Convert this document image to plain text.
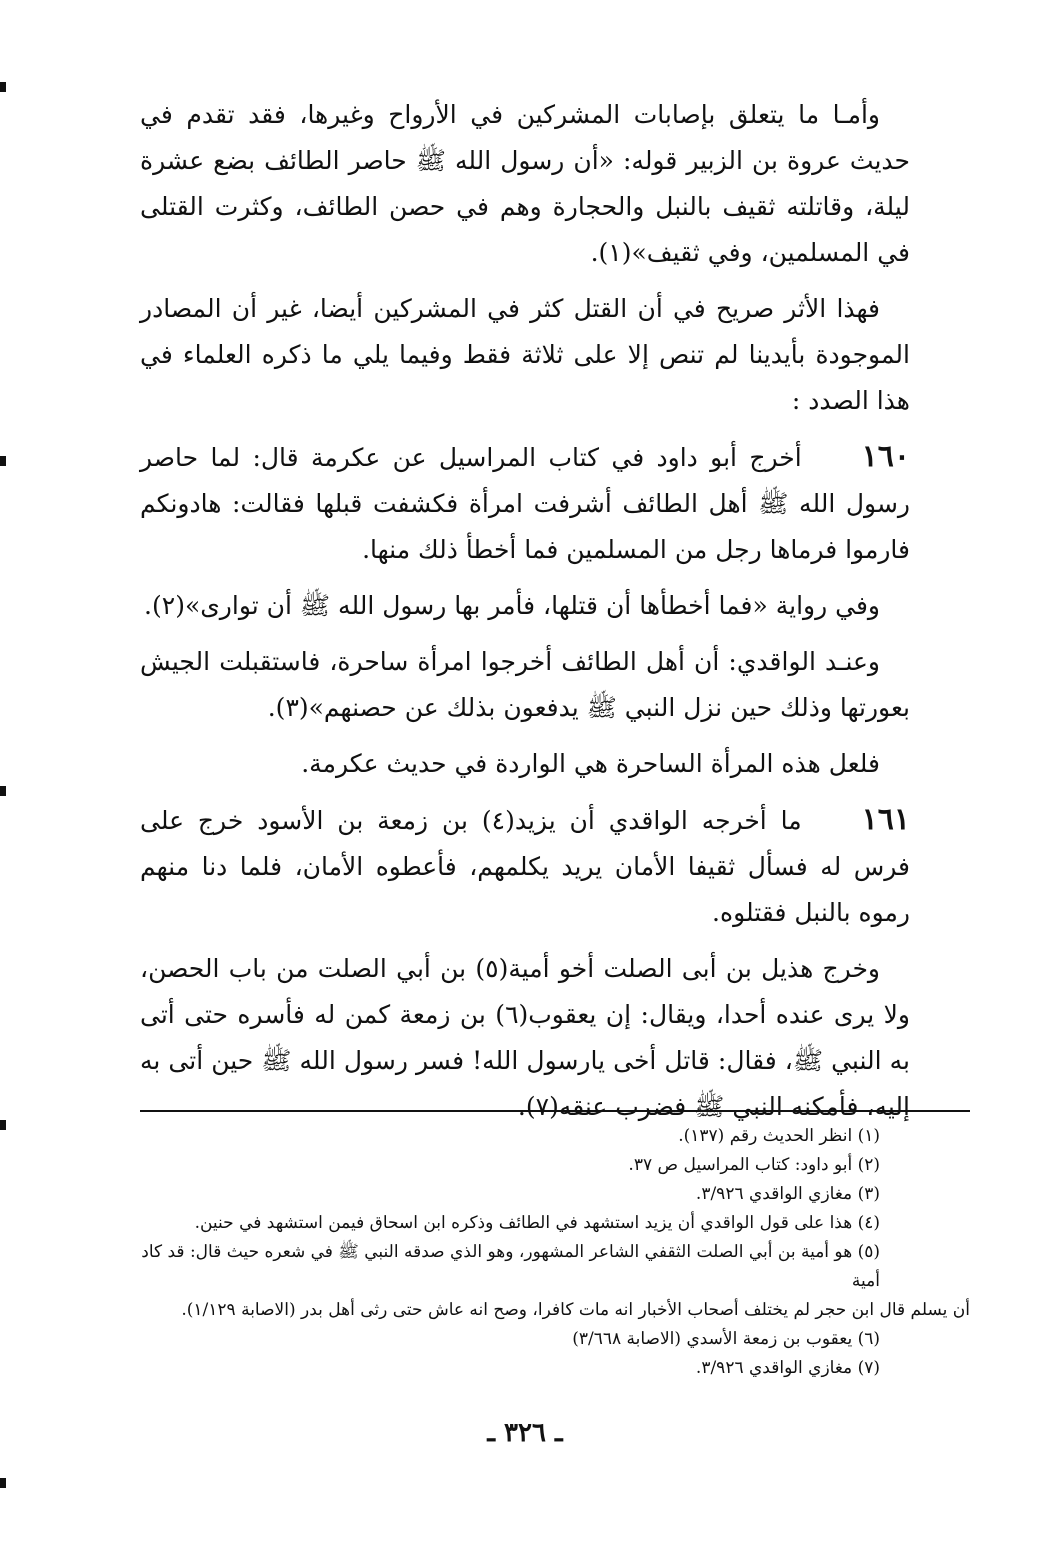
وأمـا ما يتعلق بإصابات المشركين في الأرواح وغيرها، فقد تقدم في حديث عروة بن الزبير قوله: «أن رسول الله ﷺ حاصر الطائف بضع عشرة ليلة، وقاتلته ثقيف بالنبل والحجارة وهم في حصن الطائف، وكثرت القتلى في المسلمين، وفي ثقيف»(١).

فهذا الأثر صريح في أن القتل كثر في المشركين أيضا، غير أن المصادر الموجودة بأيدينا لم تنص إلا على ثلاثة فقط وفيما يلي ما ذكره العلماء في هذا الصدد :

١٦٠أخرج أبو داود في كتاب المراسيل عن عكرمة قال: لما حاصر رسول الله ﷺ أهل الطائف أشرفت امرأة فكشفت قبلها فقالت: هادونكم فارموا فرماها رجل من المسلمين فما أخطأ ذلك منها.

وفي رواية «فما أخطأها أن قتلها، فأمر بها رسول الله ﷺ أن توارى»(٢).

وعنـد الواقدي: أن أهل الطائف أخرجوا امرأة ساحرة، فاستقبلت الجيش بعورتها وذلك حين نزل النبي ﷺ يدفعون بذلك عن حصنهم»(٣).

فلعل هذه المرأة الساحرة هي الواردة في حديث عكرمة.

١٦١ما أخرجه الواقدي أن يزيد(٤) بن زمعة بن الأسود خرج على فرس له فسأل ثقيفا الأمان يريد يكلمهم، فأعطوه الأمان، فلما دنا منهم رموه بالنبل فقتلوه.

وخرج هذيل بن أبى الصلت أخو أمية(٥) بن أبي الصلت من باب الحصن، ولا يرى عنده أحدا، ويقال: إن يعقوب(٦) بن زمعة كمن له فأسره حتى أتى به النبي ﷺ، فقال: قاتل أخى يارسول الله! فسر رسول الله ﷺ حين أتى به إليه، فأمكنه النبي ﷺ فضرب عنقه(٧).

(١) انظر الحديث رقم (١٣٧).
(٢) أبو داود: كتاب المراسيل ص ٣٧.
(٣) مغازي الواقدي ٣/٩٢٦.
(٤) هذا على قول الواقدي أن يزيد استشهد في الطائف وذكره ابن اسحاق فيمن استشهد في حنين.
(٥) هو أمية بن أبي الصلت الثقفي الشاعر المشهور، وهو الذي صدقه النبي ﷺ في شعره حيث قال: قد كاد أمية
أن يسلم قال ابن حجر لم يختلف أصحاب الأخبار انه مات كافرا، وصح انه عاش حتى رثى أهل بدر (الاصابة ١/١٢٩).
(٦) يعقوب بن زمعة الأسدي (الاصابة ٣/٦٦٨)
(٧) مغازي الواقدي ٣/٩٢٦.
ـ ٣٢٦ ـ
